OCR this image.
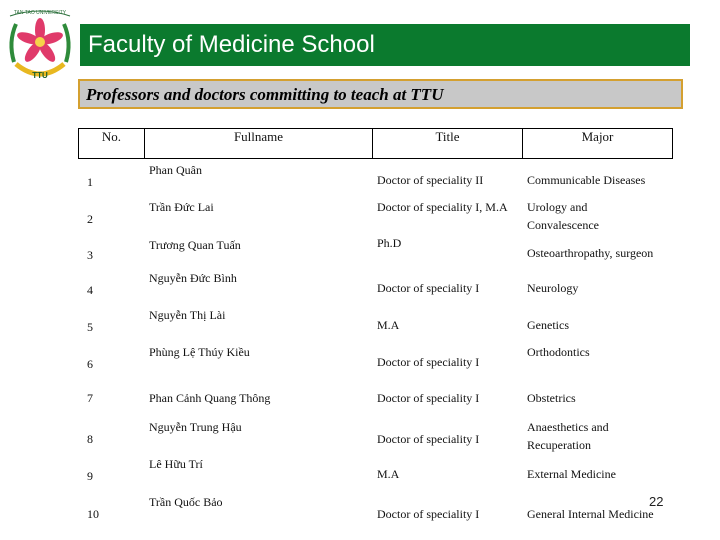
TAN TAO UNIVERSITY
TTU
Faculty of Medicine School
Professors and doctors committing to teach at TTU
No.	Fullname	Title	Major

1	Phan Quân	Doctor of speciality II	Communicable Diseases

2	Trần Đức Lai	Doctor of speciality I, M.A	Urology and Convalescence

3	Trương Quan Tuấn	Ph.D	Osteoarthropathy, surgeon

4	Nguyễn Đức Bình	Doctor of speciality I	Neurology

5	Nguyễn Thị Lài	M.A	Genetics

6	Phùng Lệ Thúy Kiều	Doctor of speciality I	Orthodontics

7	Phan Cảnh Quang Thông	Doctor of speciality I	Obstetrics

8	Nguyễn Trung Hậu	Doctor of speciality I	Anaesthetics and Recuperation

9	Lê Hữu Trí	M.A	External Medicine

10	Trần Quốc Bảo	Doctor of speciality I	General Internal Medicine
22
